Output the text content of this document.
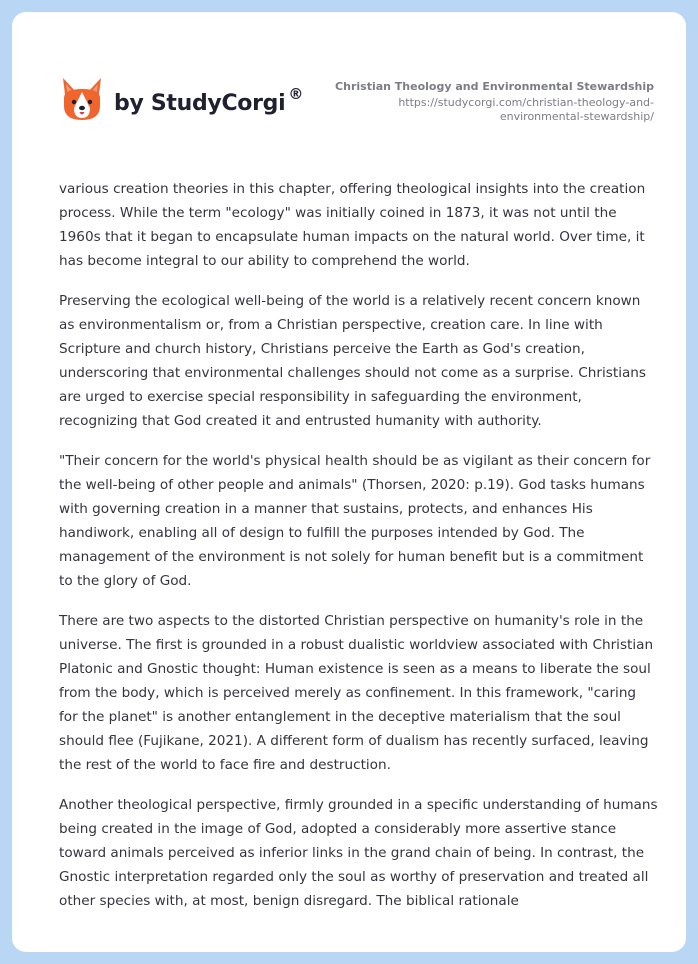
by StudyCorgi ®	Christian Theology and Environmental Stewardship
https://studycorgi.com/christian-theology-and-
environmental-stewardship/

various creation theories in this chapter, offering theological insights into the creation process. While the term "ecology" was initially coined in 1873, it was not until the 1960s that it began to encapsulate human impacts on the natural world. Over time, it has become integral to our ability to comprehend the world.

Preserving the ecological well-being of the world is a relatively recent concern known as environmentalism or, from a Christian perspective, creation care. In line with Scripture and church history, Christians perceive the Earth as God's creation, underscoring that environmental challenges should not come as a surprise. Christians are urged to exercise special responsibility in safeguarding the environment, recognizing that God created it and entrusted humanity with authority.

"Their concern for the world's physical health should be as vigilant as their concern for the well-being of other people and animals" (Thorsen, 2020: p.19). God tasks humans with governing creation in a manner that sustains, protects, and enhances His handiwork, enabling all of design to fulfill the purposes intended by God. The management of the environment is not solely for human benefit but is a commitment to the glory of God.

There are two aspects to the distorted Christian perspective on humanity's role in the universe. The first is grounded in a robust dualistic worldview associated with Christian Platonic and Gnostic thought: Human existence is seen as a means to liberate the soul from the body, which is perceived merely as confinement. In this framework, "caring for the planet" is another entanglement in the deceptive materialism that the soul should flee (Fujikane, 2021). A different form of dualism has recently surfaced, leaving the rest of the world to face fire and destruction.

Another theological perspective, firmly grounded in a specific understanding of humans being created in the image of God, adopted a considerably more assertive stance toward animals perceived as inferior links in the grand chain of being. In contrast, the Gnostic interpretation regarded only the soul as worthy of preservation and treated all other species with, at most, benign disregard. The biblical rationale
